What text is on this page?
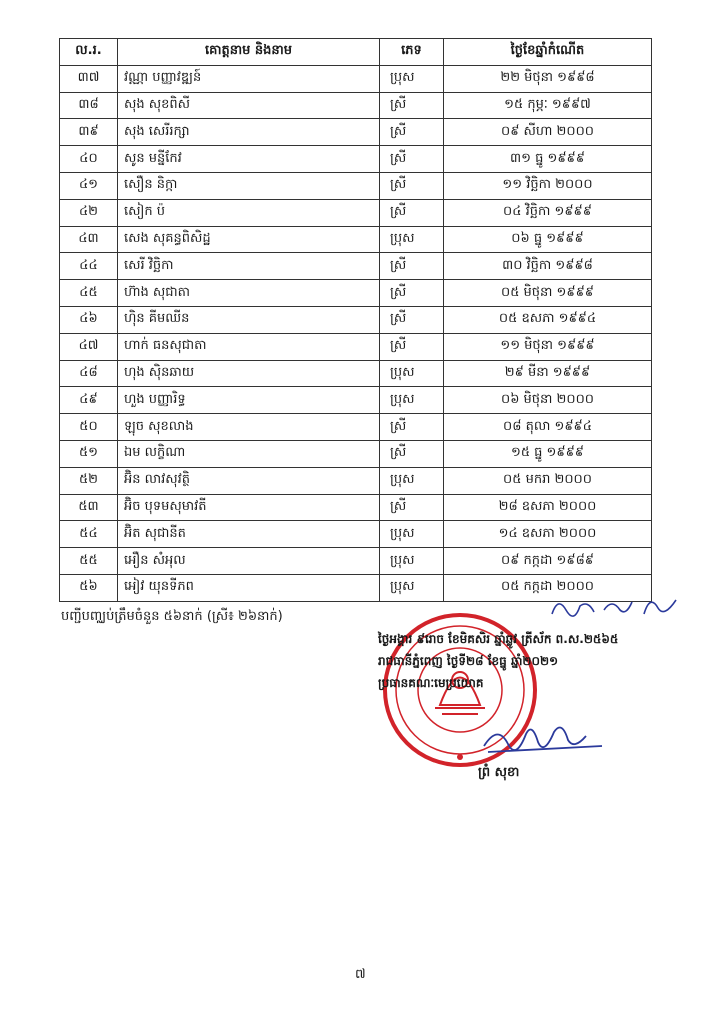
ល.រ.	គោត្តនាម និងនាម	ភេទ	ថ្ងៃខែឆ្នាំកំណើត
៣៧	វណ្ណា បញ្ញាវឌ្ឍន៍	ប្រុស	២២ មិថុនា ១៩៩៨
៣៨	សុង សុខពិសី	ស្រី	១៥ កុម្ភៈ ១៩៩៧
៣៩	សុង សេរីរក្សា	ស្រី	០៩ សីហា ២០០០
៤០	សូន មន្នីកែវ	ស្រី	៣១ ធ្នូ ១៩៩៩
៤១	សឿន និក្កា	ស្រី	១១ វិច្ឆិកា ២០០០
៤២	សៀក ប៉	ស្រី	០៤ វិច្ឆិកា ១៩៩៩
៤៣	សេង សុគន្ធពិសិដ្ឋ	ប្រុស	០៦ ធ្នូ ១៩៩៩
៤៤	សេរី វិច្ឆិកា	ស្រី	៣០ វិច្ឆិកា ១៩៩៨
៤៥	ហ៊ាង សុជាតា	ស្រី	០៥ មិថុនា ១៩៩៩
៤៦	ហ៊ិន គីមឈីន	ស្រី	០៥ ឧសភា ១៩៩៤
៤៧	ហាក់ ធនសុជាតា	ស្រី	១១ មិថុនា ១៩៩៩
៤៨	ហុង ស៊ិនឆាយ	ប្រុស	២៩ មីនា ១៩៩៩
៤៩	ហួង បញ្ញារិទ្ធ	ប្រុស	០៦ មិថុនា ២០០០
៥០	ឡុច សុខលាង	ស្រី	០៨ តុលា ១៩៩៤
៥១	ឯម លក្ខិណា	ស្រី	១៥ ធ្នូ ១៩៩៩
៥២	អ៊ិន លាវសុវត្ថិ	ប្រុស	០៥ មករា ២០០០
៥៣	អ៊ិច បុទមសុមាវតី	ស្រី	២៨ ឧសភា ២០០០
៥៤	អ៊ិត សុជានីត	ប្រុស	១៤ ឧសភា ២០០០
៥៥	អឿន សំអុល	ប្រុស	០៩ កក្កដា ១៩៨៩
៥៦	អៀវ យុនទីភព	ប្រុស	០៥ កក្កដា ២០០០
បញ្ជីបញ្ឈប់ត្រឹមចំនួន ៥៦នាក់ (ស្រី៖ ២៦នាក់)
ថ្ងៃអង្គារ ៩រោច ខែមិគសិរ ឆ្នាំឆ្លូវ ត្រីស័ក ព.ស.២៥៦៥
រាជធានីភ្នំពេញ ថ្ងៃទី២៨ ខែធ្នូ ឆ្នាំ២០២១
ប្រធានគណៈមេប្រយោគ
ព្រំ សុខា
៧
